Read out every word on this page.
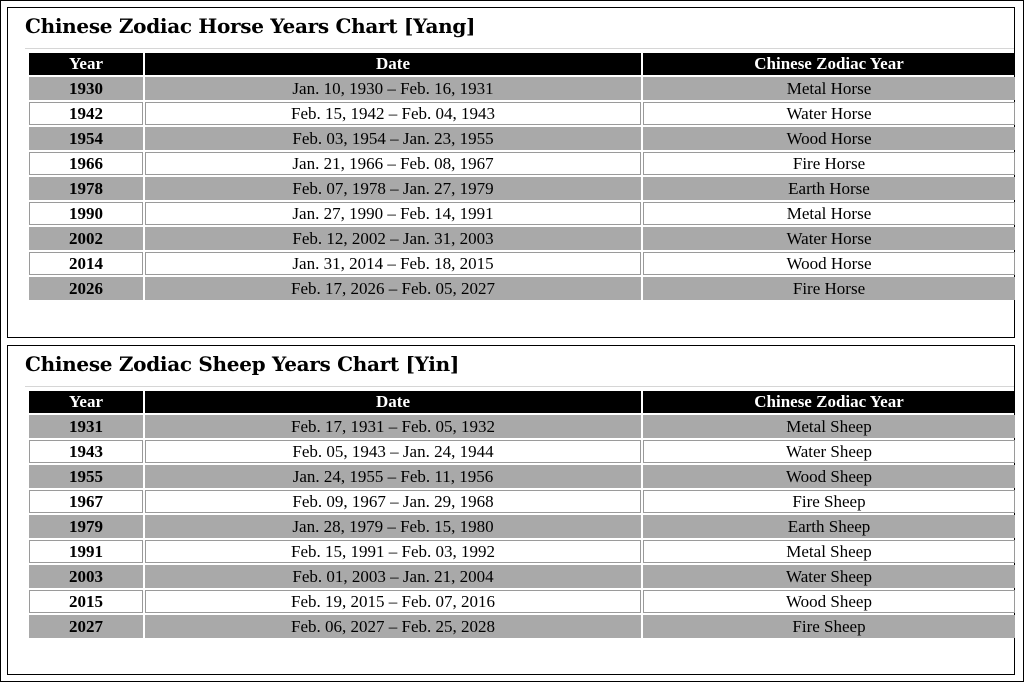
Chinese Zodiac Horse Years Chart [Yang]
Year	Date	Chinese Zodiac Year
1930	Jan. 10, 1930 – Feb. 16, 1931	Metal Horse
1942	Feb. 15, 1942 – Feb. 04, 1943	Water Horse
1954	Feb. 03, 1954 – Jan. 23, 1955	Wood Horse
1966	Jan. 21, 1966 – Feb. 08, 1967	Fire Horse
1978	Feb. 07, 1978 – Jan. 27, 1979	Earth Horse
1990	Jan. 27, 1990 – Feb. 14, 1991	Metal Horse
2002	Feb. 12, 2002 – Jan. 31, 2003	Water Horse
2014	Jan. 31, 2014 – Feb. 18, 2015	Wood Horse
2026	Feb. 17, 2026 – Feb. 05, 2027	Fire Horse
Chinese Zodiac Sheep Years Chart [Yin]
Year	Date	Chinese Zodiac Year
1931	Feb. 17, 1931 – Feb. 05, 1932	Metal Sheep
1943	Feb. 05, 1943 – Jan. 24, 1944	Water Sheep
1955	Jan. 24, 1955 – Feb. 11, 1956	Wood Sheep
1967	Feb. 09, 1967 – Jan. 29, 1968	Fire Sheep
1979	Jan. 28, 1979 – Feb. 15, 1980	Earth Sheep
1991	Feb. 15, 1991 – Feb. 03, 1992	Metal Sheep
2003	Feb. 01, 2003 – Jan. 21, 2004	Water Sheep
2015	Feb. 19, 2015 – Feb. 07, 2016	Wood Sheep
2027	Feb. 06, 2027 – Feb. 25, 2028	Fire Sheep
